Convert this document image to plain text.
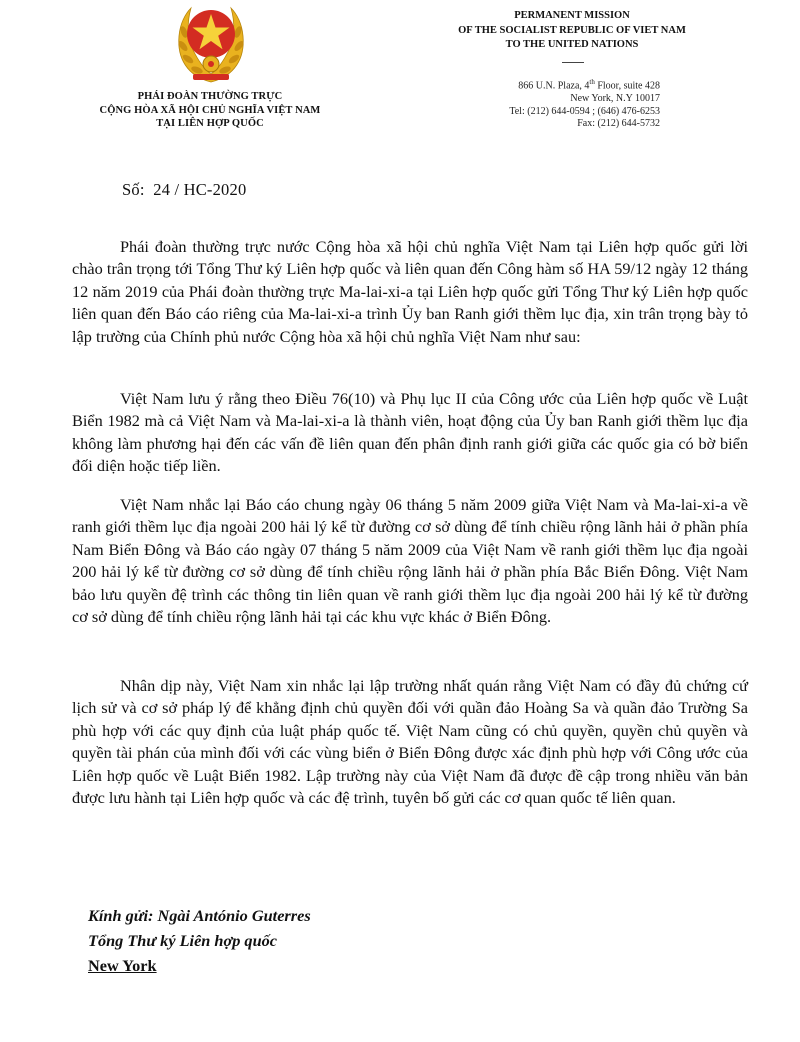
PHÁI ĐOÀN THƯỜNG TRỰC
CỘNG HÒA XÃ HỘI CHỦ NGHĨA VIỆT NAM
TẠI LIÊN HỢP QUỐC
PERMANENT MISSION
OF THE SOCIALIST REPUBLIC OF VIET NAM
TO THE UNITED NATIONS
866 U.N. Plaza, 4th Floor, suite 428
New York, N.Y 10017
Tel: (212) 644-0594 ; (646) 476-6253
Fax: (212) 644-5732
Số:  24 / HC-2020

Phái đoàn thường trực nước Cộng hòa xã hội chủ nghĩa Việt Nam tại Liên hợp quốc gửi lời chào trân trọng tới Tổng Thư ký Liên hợp quốc và liên quan đến Công hàm số HA 59/12 ngày 12 tháng 12 năm 2019 của Phái đoàn thường trực Ma-lai-xi-a tại Liên hợp quốc gửi Tổng Thư ký Liên hợp quốc liên quan đến Báo cáo riêng của Ma-lai-xi-a trình Ủy ban Ranh giới thềm lục địa, xin trân trọng bày tỏ lập trường của Chính phủ nước Cộng hòa xã hội chủ nghĩa Việt Nam như sau:

Việt Nam lưu ý rằng theo Điều 76(10) và Phụ lục II của Công ước của Liên hợp quốc về Luật Biển 1982 mà cả Việt Nam và Ma-lai-xi-a là thành viên, hoạt động của Ủy ban Ranh giới thềm lục địa không làm phương hại đến các vấn đề liên quan đến phân định ranh giới giữa các quốc gia có bờ biển đối diện hoặc tiếp liền.

Việt Nam nhắc lại Báo cáo chung ngày 06 tháng 5 năm 2009 giữa Việt Nam và Ma-lai-xi-a về ranh giới thềm lục địa ngoài 200 hải lý kể từ đường cơ sở dùng để tính chiều rộng lãnh hải ở phần phía Nam Biển Đông và Báo cáo ngày 07 tháng 5 năm 2009 của Việt Nam về ranh giới thềm lục địa ngoài 200 hải lý kể từ đường cơ sở dùng để tính chiều rộng lãnh hải ở phần phía Bắc Biển Đông. Việt Nam bảo lưu quyền đệ trình các thông tin liên quan về ranh giới thềm lục địa ngoài 200 hải lý kể từ đường cơ sở dùng để tính chiều rộng lãnh hải tại các khu vực khác ở Biển Đông.

Nhân dịp này, Việt Nam xin nhắc lại lập trường nhất quán rằng Việt Nam có đầy đủ chứng cứ lịch sử và cơ sở pháp lý để khẳng định chủ quyền đối với quần đảo Hoàng Sa và quần đảo Trường Sa phù hợp với các quy định của luật pháp quốc tế. Việt Nam cũng có chủ quyền, quyền chủ quyền và quyền tài phán của mình đối với các vùng biển ở Biển Đông được xác định phù hợp với Công ước của Liên hợp quốc về Luật Biển 1982. Lập trường này của Việt Nam đã được đề cập trong nhiều văn bản được lưu hành tại Liên hợp quốc và các đệ trình, tuyên bố gửi các cơ quan quốc tế liên quan.

Kính gửi: Ngài António Guterres
Tổng Thư ký Liên hợp quốc
New York
